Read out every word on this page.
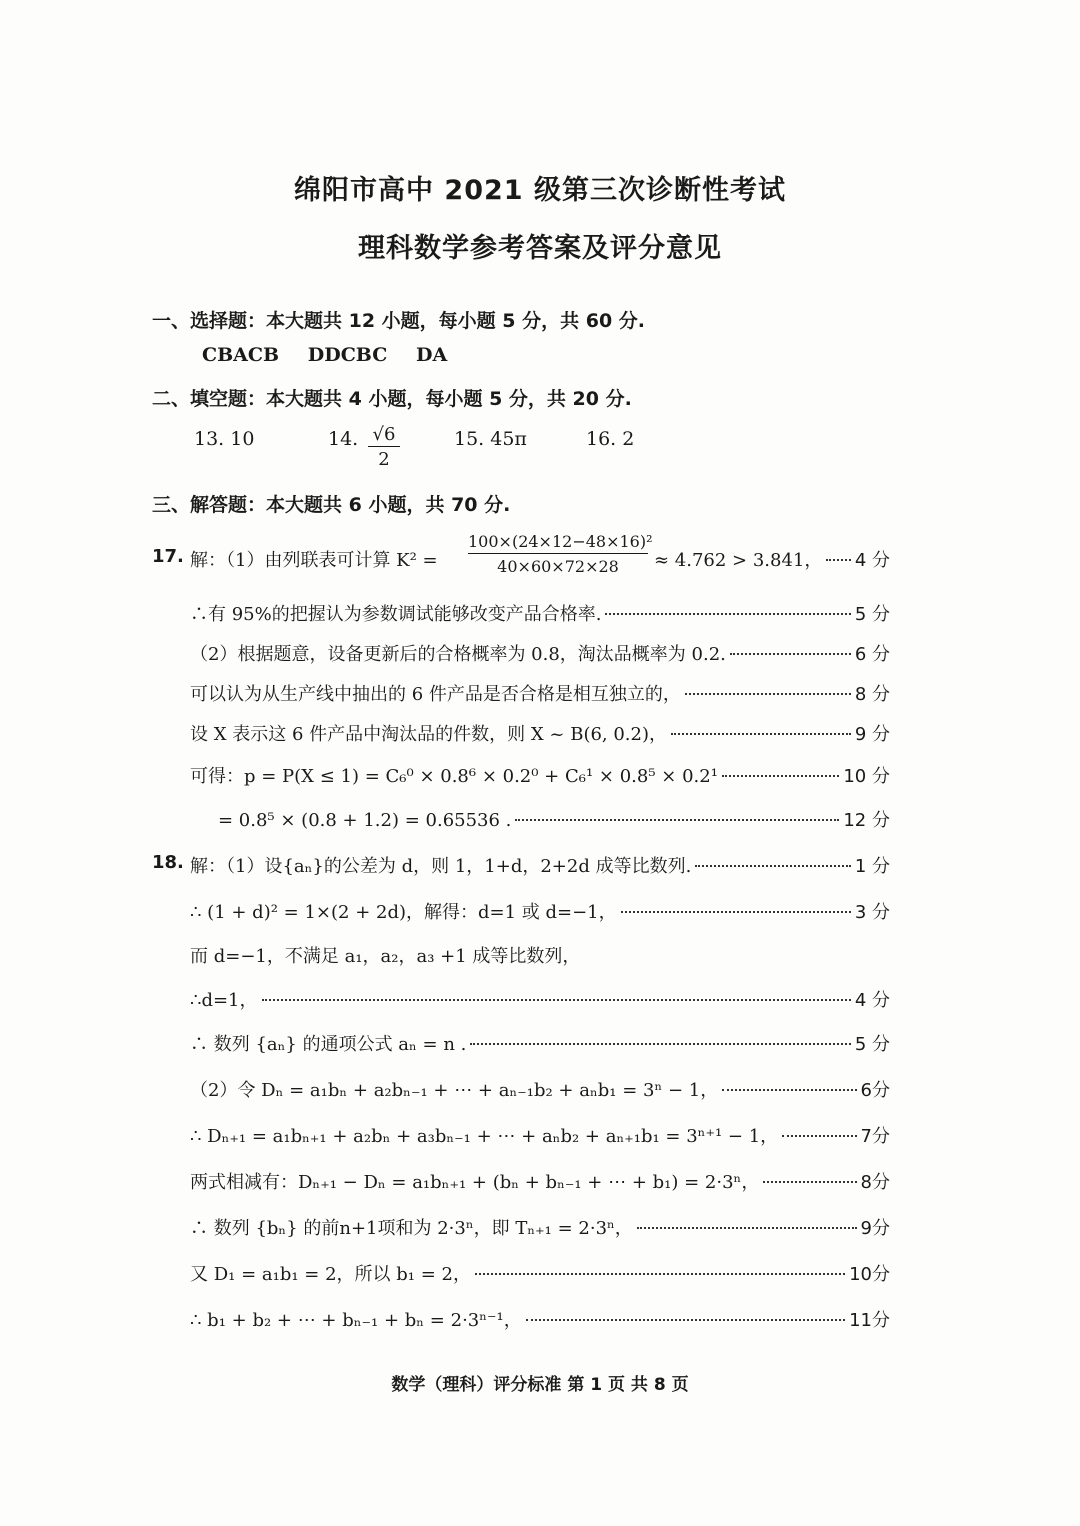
绵阳市高中 2021 级第三次诊断性考试
理科数学参考答案及评分意见
一、选择题：本大题共 12 小题，每小题 5 分，共 60 分.
CBACB DDCBC DA
二、填空题：本大题共 4 小题，每小题 5 分，共 20 分.
13. 10	14. $\frac{√6}{2}$	15. 45π	16. 2
三、解答题：本大题共 6 小题，共 70 分.
17. 解：（1）由列联表可计算 $K^2 = \frac{\text{100×(24×12−48×16)²}}{40\times 60\times 72\times 28} \approx 4.762 > 3.841$， 4 分
∴有 95%的把握认为参数调试能够改变产品合格率.	5 分
（2）根据题意，设备更新后的合格概率为 0.8，淘汰品概率为 0.2.	6 分
可以认为从生产线中抽出的 6 件产品是否合格是相互独立的，	8 分
设 X 表示这 6 件产品中淘汰品的件数，则 X ~ B(6, 0.2)，	9 分
可得：p = P(X ≤ 1) = C₆⁰ × 0.8⁶ × 0.2⁰ + C₆¹ × 0.8⁵ × 0.2¹	10 分
= 0.8⁵ × (0.8 + 1.2) = 0.65536 .	12 分
18. 解：（1）设{aₙ}的公差为 d，则 1，1+d，2+2d 成等比数列.	1 分
∴ (1 + d)² = 1×(2 + 2d)，解得：d=1 或 d=−1，	3 分
而 d=−1，不满足 a₁，a₂，a₃ +1 成等比数列，
∴d=1，	4 分
∴ 数列 {aₙ} 的通项公式 aₙ = n .	5 分
（2）令 Dₙ = a₁bₙ + a₂bₙ₋₁ + ⋯ + aₙ₋₁b₂ + aₙb₁ = 3ⁿ − 1，	6分
∴ Dₙ₊₁ = a₁bₙ₊₁ + a₂bₙ + a₃bₙ₋₁ + ⋯ + aₙb₂ + aₙ₊₁b₁ = 3ⁿ⁺¹ − 1，	7分
两式相减有：Dₙ₊₁ − Dₙ = a₁bₙ₊₁ + (bₙ + bₙ₋₁ + ⋯ + b₁) = 2·3ⁿ，	8分
∴ 数列 {bₙ} 的前n+1项和为 2·3ⁿ，即 Tₙ₊₁ = 2·3ⁿ，	9分
又 D₁ = a₁b₁ = 2，所以 b₁ = 2，	10分
∴ b₁ + b₂ + ⋯ + bₙ₋₁ + bₙ = 2·3ⁿ⁻¹，	11分
数学（理科）评分标准 第 1 页 共 8 页
